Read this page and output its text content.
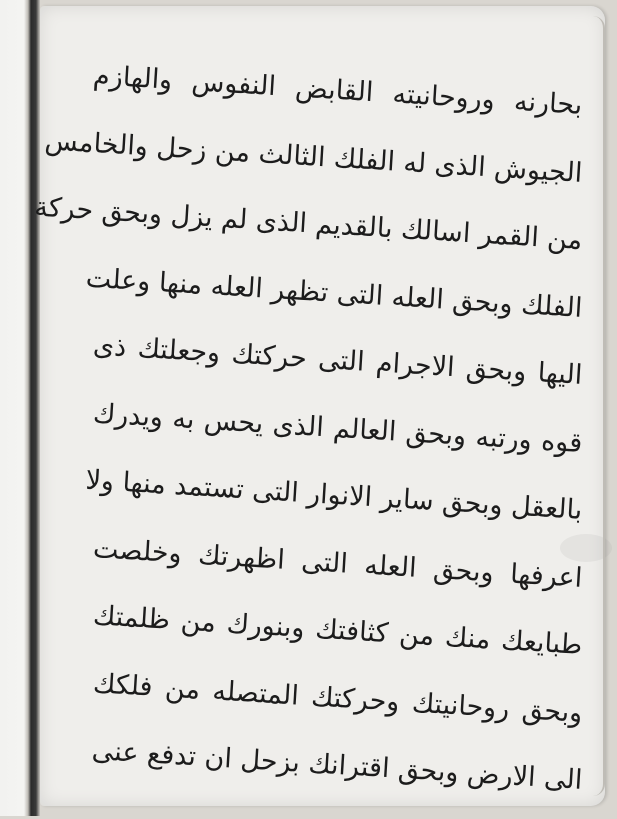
بحارنه وروحانيته القابض النفوس والهازم
الجيوش الذى له الفلك الثالث من زحل والخامس
من القمر اسالك بالقديم الذى لم يزل وبحق حركة
الفلك وبحق العله التى تظهر العله منها وعلت
اليها وبحق الاجرام التى حركتك وجعلتك ذى
قوه ورتبه وبحق العالم الذى يحس به ويدرك
بالعقل وبحق ساير الانوار التى تستمد منها ولا
اعرفها وبحق العله التى اظهرتك وخلصت
طبايعك منك من كثافتك وبنورك من ظلمتك
وبحق روحانيتك وحركتك المتصله من فلكك
الى الارض وبحق اقترانك بزحل ان تدفع عنى
